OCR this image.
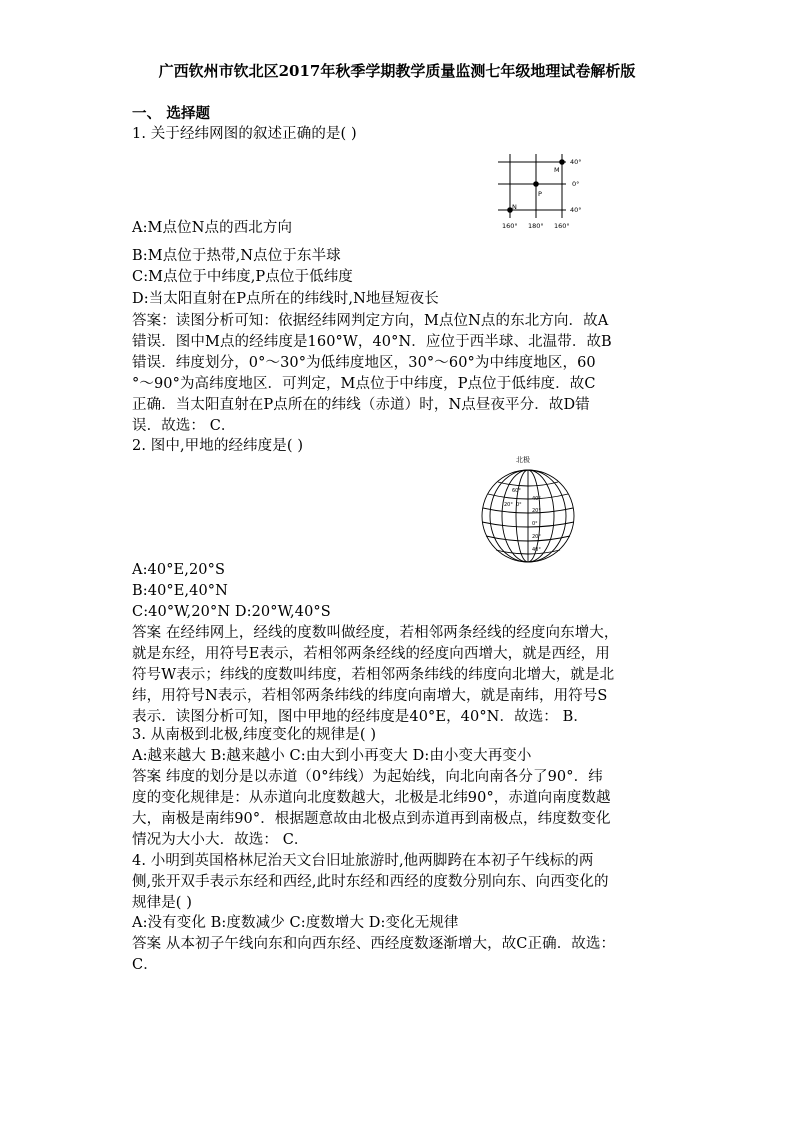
广西钦州市钦北区2017年秋季学期教学质量监测七年级地理试卷解析版
一、 选择题
1. 关于经纬网图的叙述正确的是( )
M
P
N
40°
0°
40°
160° 180° 160°
A:M点位N点的西北方向
B:M点位于热带,N点位于东半球
C:M点位于中纬度,P点位于低纬度
D:当太阳直射在P点所在的纬线时,N地昼短夜长
答案：读图分析可知：依据经纬网判定方向，M点位N点的东北方向．故A
错误．图中M点的经纬度是160°W，40°N．应位于西半球、北温带．故B
错误．纬度划分，0°～30°为低纬度地区，30°～60°为中纬度地区，60
°～90°为高纬度地区．可判定，M点位于中纬度，P点位于低纬度．故C
正确．当太阳直射在P点所在的纬线（赤道）时，N点昼夜平分．故D错
误．故选： C．
2. 图中,甲地的经纬度是( )
北极
60°
40°
20°
0°
20°
40°
20° 0°
A:40°E,20°S
B:40°E,40°N
C:40°W,20°N D:20°W,40°S
答案 在经纬网上，经线的度数叫做经度，若相邻两条经线的经度向东增大，
就是东经，用符号E表示，若相邻两条经线的经度向西增大，就是西经，用
符号W表示；纬线的度数叫纬度，若相邻两条纬线的纬度向北增大，就是北
纬，用符号N表示，若相邻两条纬线的纬度向南增大，就是南纬，用符号S
表示．读图分析可知，图中甲地的经纬度是40°E，40°N．故选： B．
3. 从南极到北极,纬度变化的规律是( )
A:越来越大 B:越来越小 C:由大到小再变大 D:由小变大再变小
答案 纬度的划分是以赤道（0°纬线）为起始线，向北向南各分了90°．纬
度的变化规律是：从赤道向北度数越大，北极是北纬90°，赤道向南度数越
大，南极是南纬90°．根据题意故由北极点到赤道再到南极点，纬度数变化
情况为大小大．故选： C．
4. 小明到英国格林尼治天文台旧址旅游时,他两脚跨在本初子午线标的两
侧,张开双手表示东经和西经,此时东经和西经的度数分别向东、向西变化的
规律是( )
A:没有变化 B:度数减少 C:度数增大 D:变化无规律
答案 从本初子午线向东和向西东经、西经度数逐渐增大，故C正确．故选：
C．
